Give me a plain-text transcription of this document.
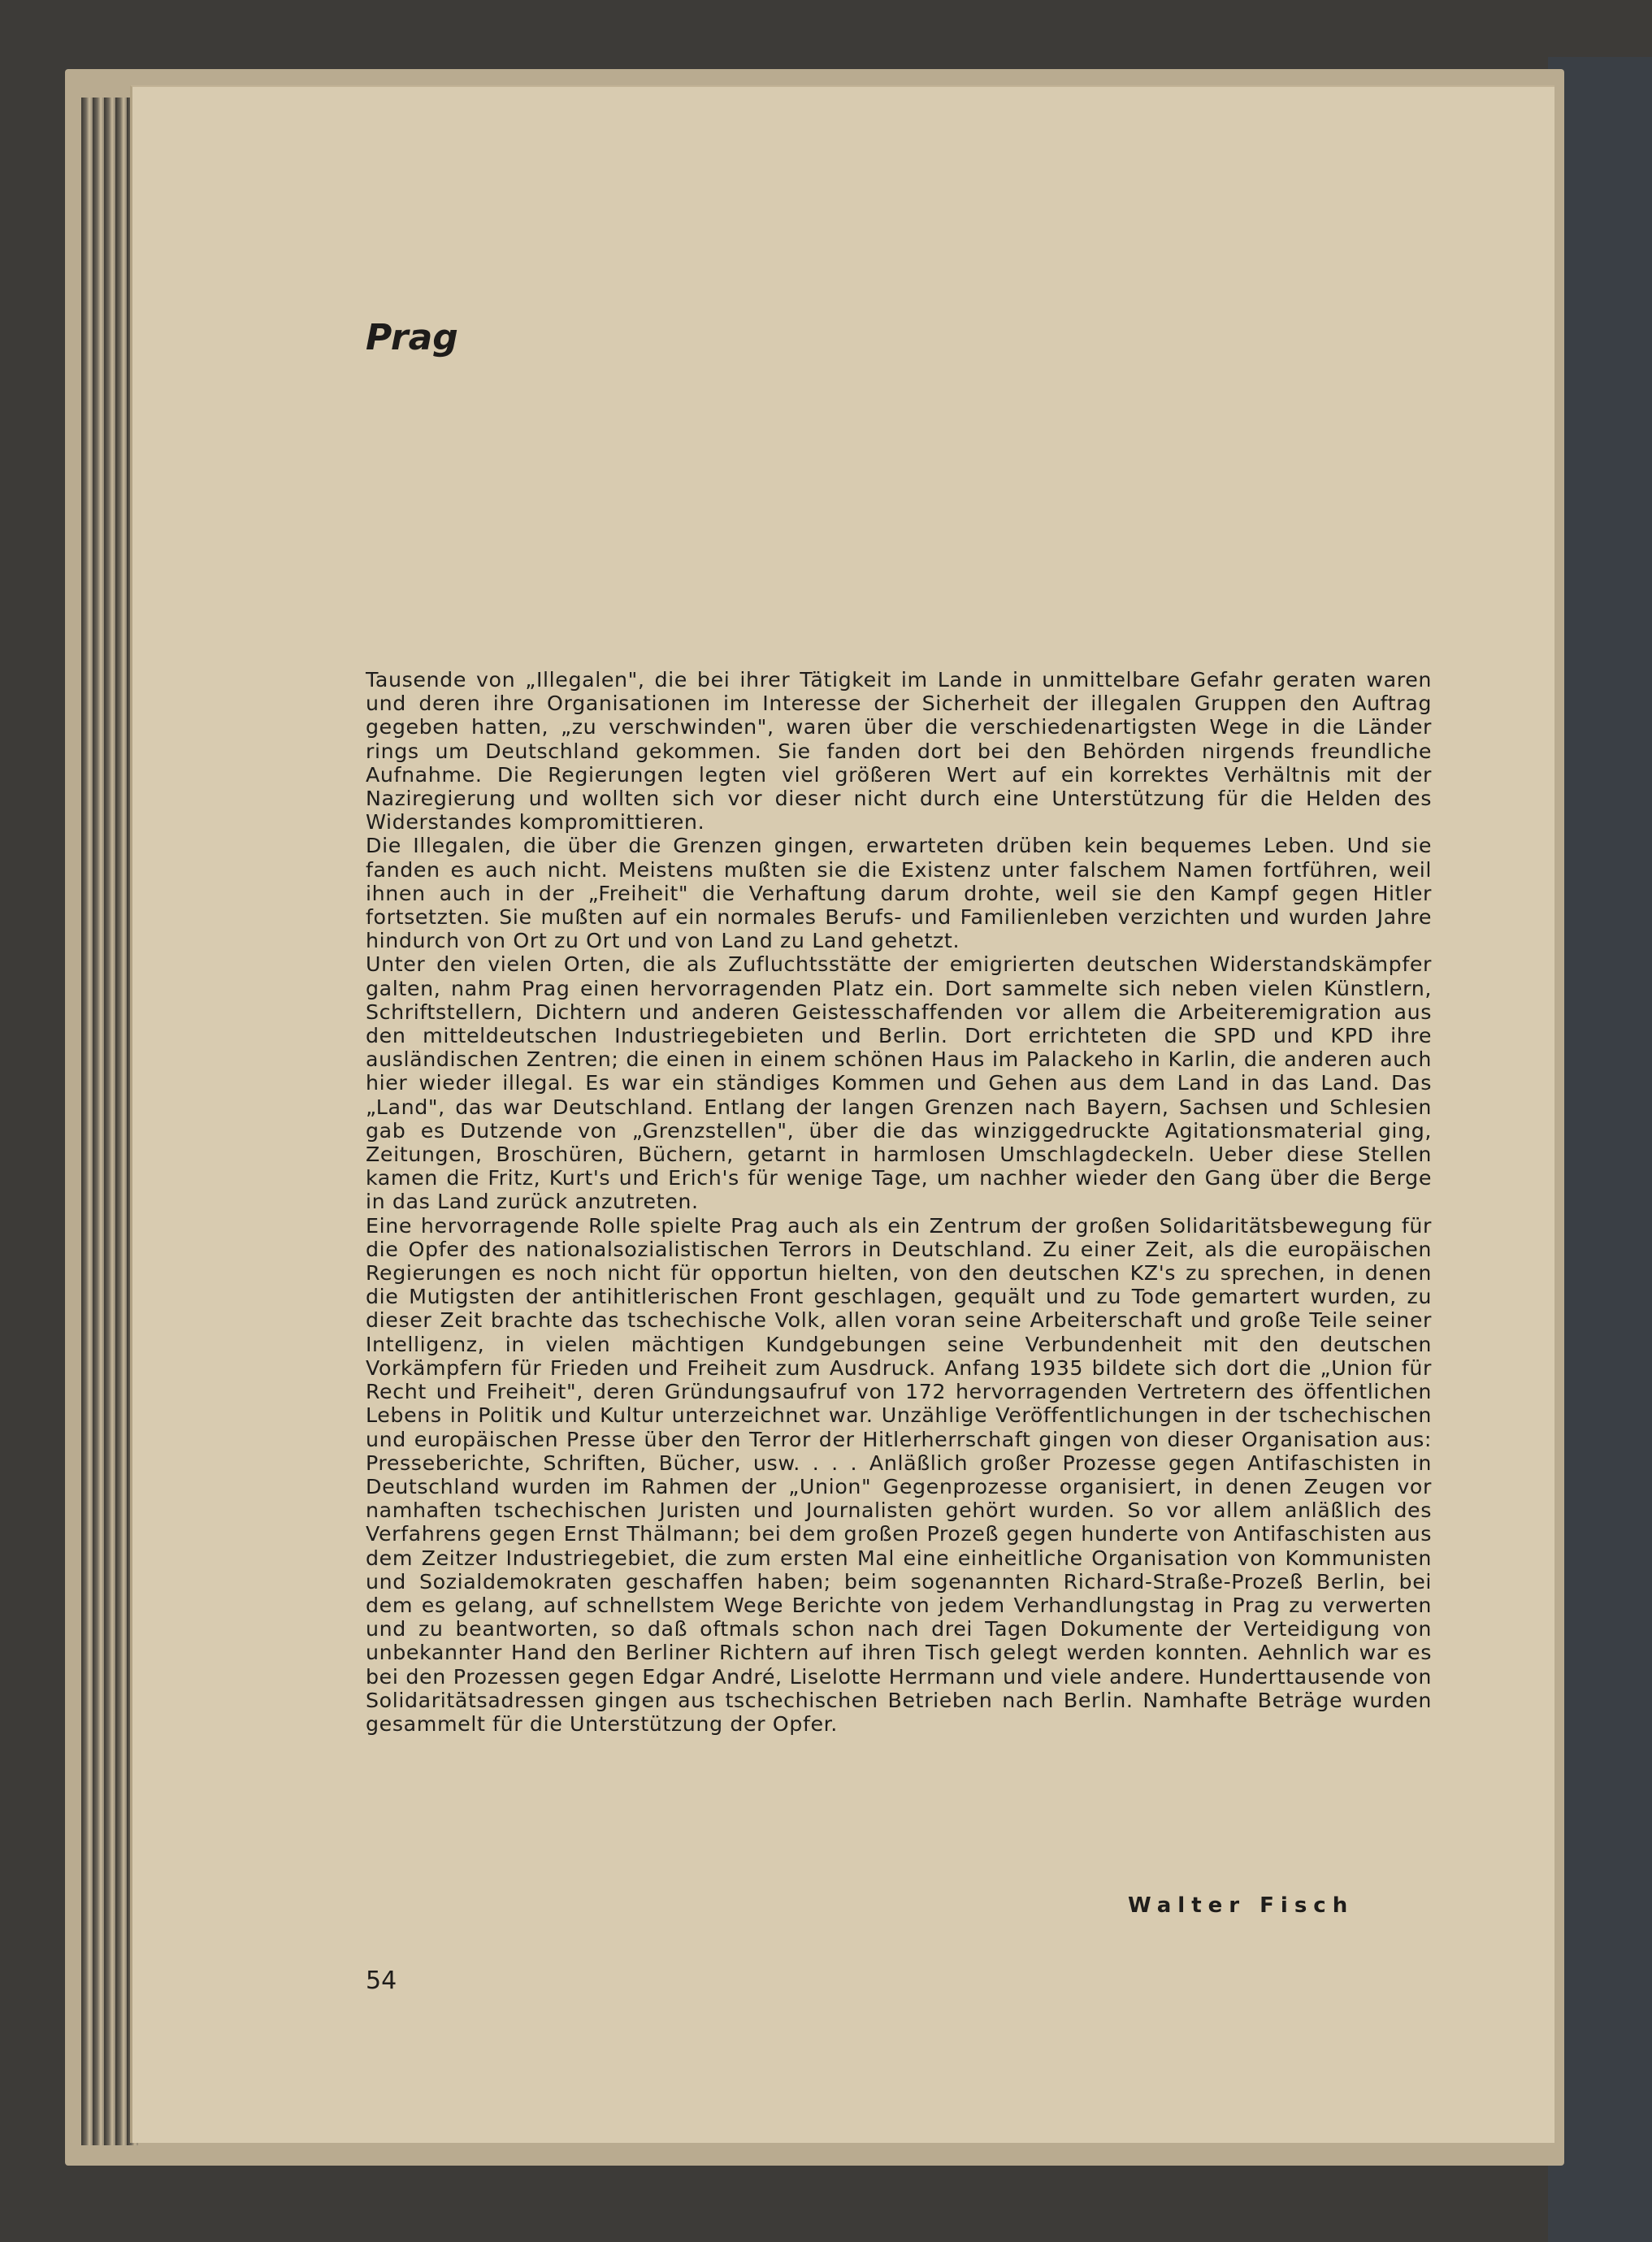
Prag

Tausende von „Illegalen", die bei ihrer Tätigkeit im Lande in unmittelbare Gefahr geraten waren und deren ihre Organisationen im Interesse der Sicherheit der illegalen Gruppen den Auftrag gegeben hatten, „zu verschwinden", waren über die verschiedenartigsten Wege in die Länder rings um Deutschland gekommen. Sie fanden dort bei den Behörden nirgends freundliche Aufnahme. Die Regierungen legten viel größeren Wert auf ein korrektes Verhältnis mit der Naziregierung und wollten sich vor dieser nicht durch eine Unterstützung für die Helden des Widerstandes kompromittieren.

Die Illegalen, die über die Grenzen gingen, erwarteten drüben kein bequemes Leben. Und sie fanden es auch nicht. Meistens mußten sie die Existenz unter falschem Namen fortführen, weil ihnen auch in der „Freiheit" die Verhaftung darum drohte, weil sie den Kampf gegen Hitler fortsetzten. Sie mußten auf ein normales Berufs- und Familienleben verzichten und wurden Jahre hindurch von Ort zu Ort und von Land zu Land gehetzt.

Unter den vielen Orten, die als Zufluchtsstätte der emigrierten deutschen Widerstandskämpfer galten, nahm Prag einen hervorragenden Platz ein. Dort sammelte sich neben vielen Künstlern, Schriftstellern, Dichtern und anderen Geistesschaffenden vor allem die Arbeiteremigration aus den mitteldeutschen Industriegebieten und Berlin. Dort errichteten die SPD und KPD ihre ausländischen Zentren; die einen in einem schönen Haus im Palackeho in Karlin, die anderen auch hier wieder illegal. Es war ein ständiges Kommen und Gehen aus dem Land in das Land. Das „Land", das war Deutschland. Entlang der langen Grenzen nach Bayern, Sachsen und Schlesien gab es Dutzende von „Grenzstellen", über die das winziggedruckte Agitationsmaterial ging, Zeitungen, Broschüren, Büchern, getarnt in harmlosen Umschlagdeckeln. Ueber diese Stellen kamen die Fritz, Kurt's und Erich's für wenige Tage, um nachher wieder den Gang über die Berge in das Land zurück anzutreten.

Eine hervorragende Rolle spielte Prag auch als ein Zentrum der großen Solidaritätsbewegung für die Opfer des nationalsozialistischen Terrors in Deutschland. Zu einer Zeit, als die europäischen Regierungen es noch nicht für opportun hielten, von den deutschen KZ's zu sprechen, in denen die Mutigsten der antihitlerischen Front geschlagen, gequält und zu Tode gemartert wurden, zu dieser Zeit brachte das tschechische Volk, allen voran seine Arbeiterschaft und große Teile seiner Intelligenz, in vielen mächtigen Kundgebungen seine Verbundenheit mit den deutschen Vorkämpfern für Frieden und Freiheit zum Ausdruck. Anfang 1935 bildete sich dort die „Union für Recht und Freiheit", deren Gründungsaufruf von 172 hervorragenden Vertretern des öffentlichen Lebens in Politik und Kultur unterzeichnet war. Unzählige Veröffentlichungen in der tschechischen und europäischen Presse über den Terror der Hitlerherrschaft gingen von dieser Organisation aus: Presseberichte, Schriften, Bücher, usw. . . . Anläßlich großer Prozesse gegen Antifaschisten in Deutschland wurden im Rahmen der „Union" Gegenprozesse organisiert, in denen Zeugen vor namhaften tschechischen Juristen und Journalisten gehört wurden. So vor allem anläßlich des Verfahrens gegen Ernst Thälmann; bei dem großen Prozeß gegen hunderte von Antifaschisten aus dem Zeitzer Industriegebiet, die zum ersten Mal eine einheitliche Organisation von Kommunisten und Sozialdemokraten geschaffen haben; beim sogenannten Richard-Straße-Prozeß Berlin, bei dem es gelang, auf schnellstem Wege Berichte von jedem Verhandlungstag in Prag zu verwerten und zu beantworten, so daß oftmals schon nach drei Tagen Dokumente der Verteidigung von unbekannter Hand den Berliner Richtern auf ihren Tisch gelegt werden konnten. Aehnlich war es bei den Prozessen gegen Edgar André, Liselotte Herrmann und viele andere. Hunderttausende von Solidaritätsadressen gingen aus tschechischen Betrieben nach Berlin. Namhafte Beträge wurden gesammelt für die Unterstützung der Opfer.

Walter Fisch
54
